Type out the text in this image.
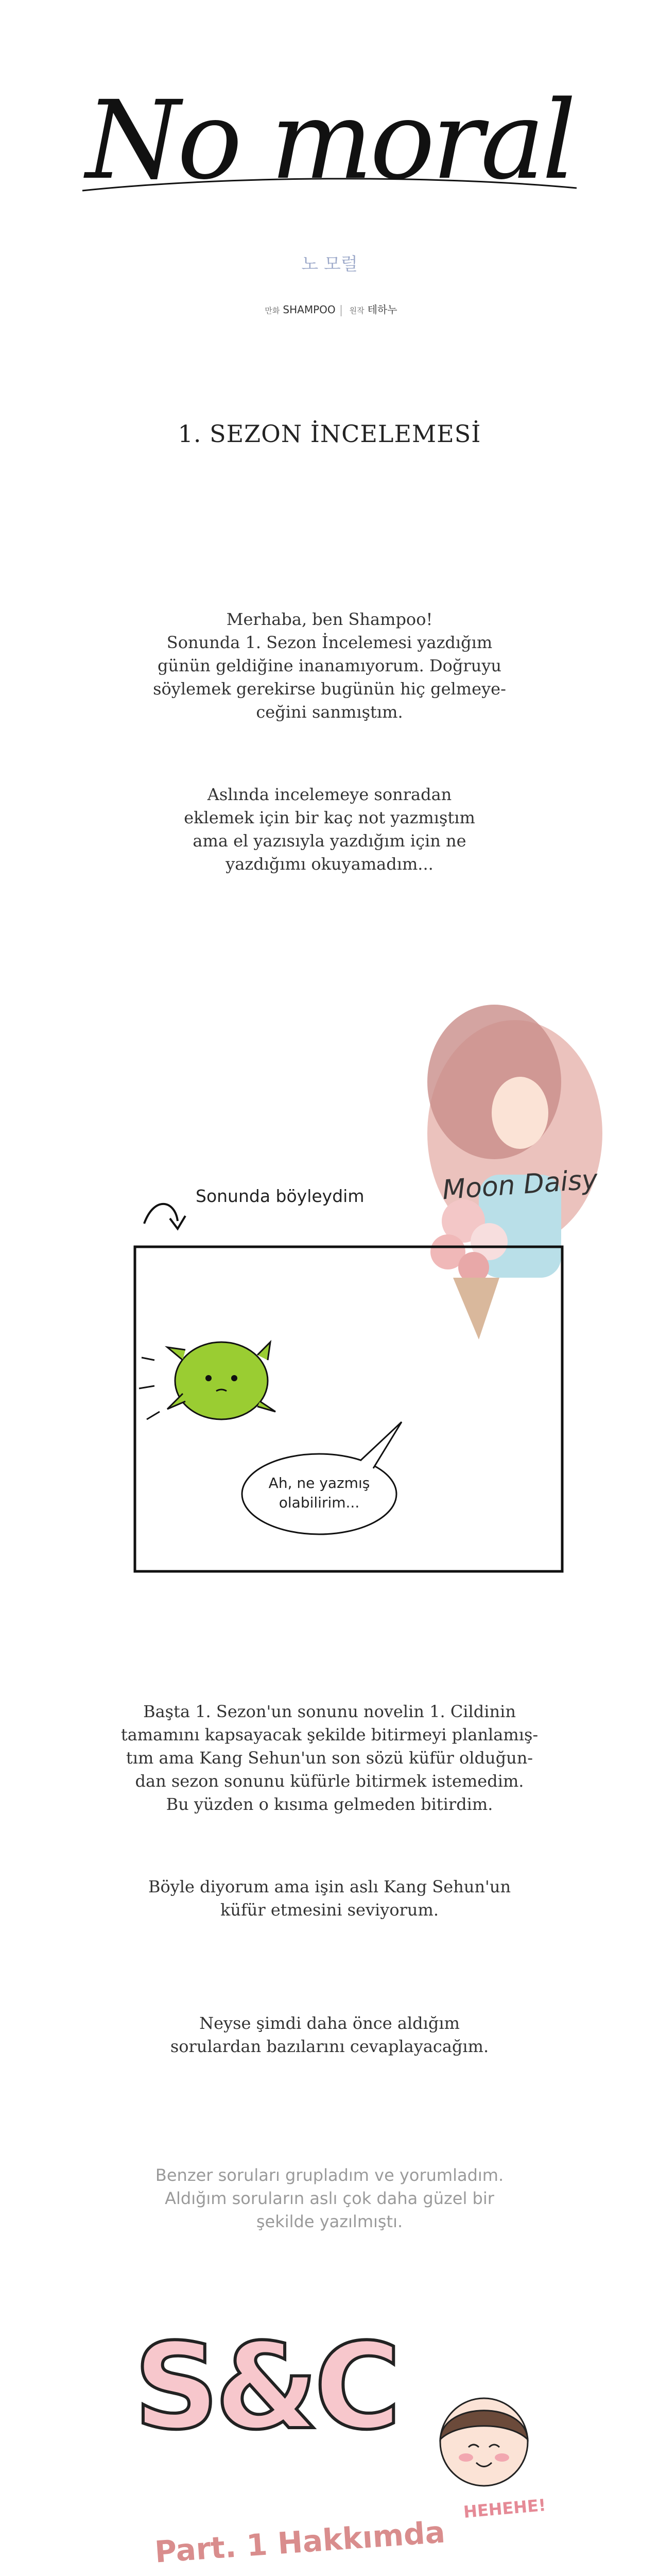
No moral
노 모럴
만화 SHAMPOO 원작 테하누
1. SEZON İNCELEMESİ

Merhaba, ben Shampoo!

Sonunda 1. Sezon İncelemesi yazdığım

günün geldiğine inanamıyorum. Doğruyu

söylemek gerekirse bugünün hiç gelmeye-

ceğini sanmıştım.

Aslında incelemeye sonradan

eklemek için bir kaç not yazmıştım

ama el yazısıyla yazdığım için ne

yazdığımı okuyamadım...

Sonunda böyleydim	Moon Daisy
Ah, ne yazmış
olabilirim...

Başta 1. Sezon'un sonunu novelin 1. Cildinin

tamamını kapsayacak şekilde bitirmeyi planlamış-

tım ama Kang Sehun'un son sözü küfür olduğun-

dan sezon sonunu küfürle bitirmek istemedim.

Bu yüzden o kısıma gelmeden bitirdim.

Böyle diyorum ama işin aslı Kang Sehun'un

küfür etmesini seviyorum.

Neyse şimdi daha önce aldığım

sorulardan bazılarını cevaplayacağım.

Benzer soruları grupladım ve yorumladım.

Aldığım soruların aslı çok daha güzel bir

şekilde yazılmıştı.

S&C
HEHEHE!
Part. 1 Hakkımda
